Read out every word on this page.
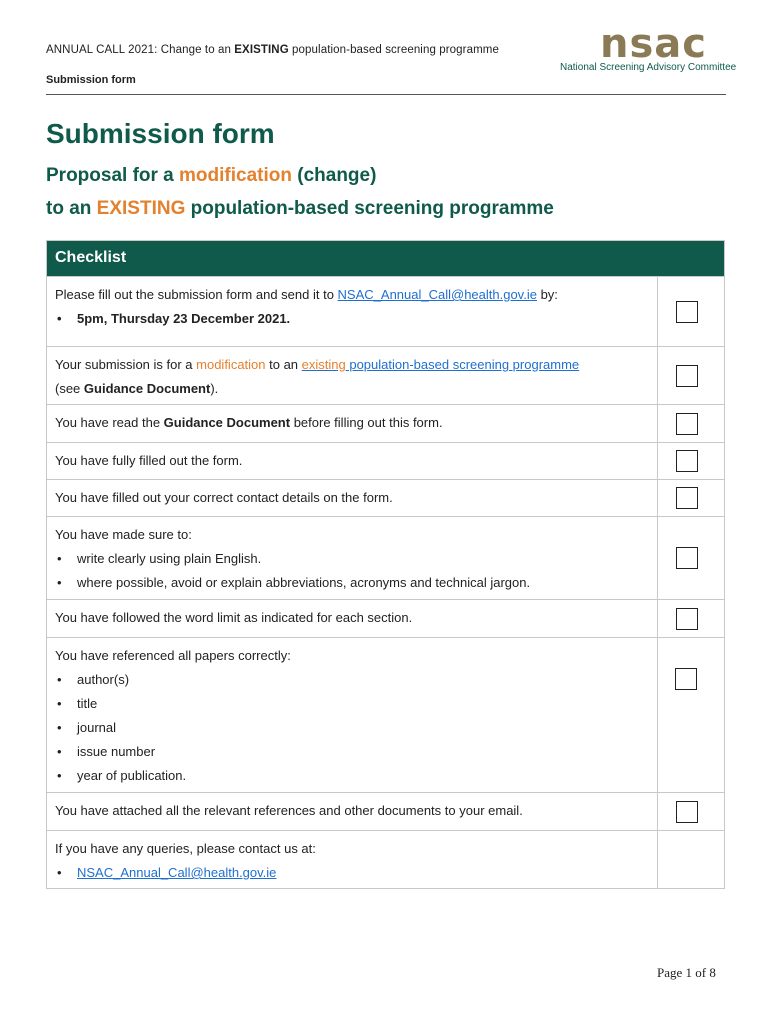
ANNUAL CALL 2021: Change to an EXISTING population-based screening programme
Submission form
nsac
National Screening Advisory Committee
Submission form
Proposal for a modification (change)
to an EXISTING population-based screening programme
Checklist
Please fill out the submission form and send it to NSAC_Annual_Call@health.gov.ie by:
• 5pm, Thursday 23 December 2021.
Your submission is for a modification to an existing population-based screening programme
(see Guidance Document).
You have read the Guidance Document before filling out this form.
You have fully filled out the form.
You have filled out your correct contact details on the form.
You have made sure to:
• write clearly using plain English.
• where possible, avoid or explain abbreviations, acronyms and technical jargon.
You have followed the word limit as indicated for each section.
You have referenced all papers correctly:
• author(s)
• title
• journal
• issue number
• year of publication.
You have attached all the relevant references and other documents to your email.
If you have any queries, please contact us at:
• NSAC_Annual_Call@health.gov.ie
Page 1 of 8
